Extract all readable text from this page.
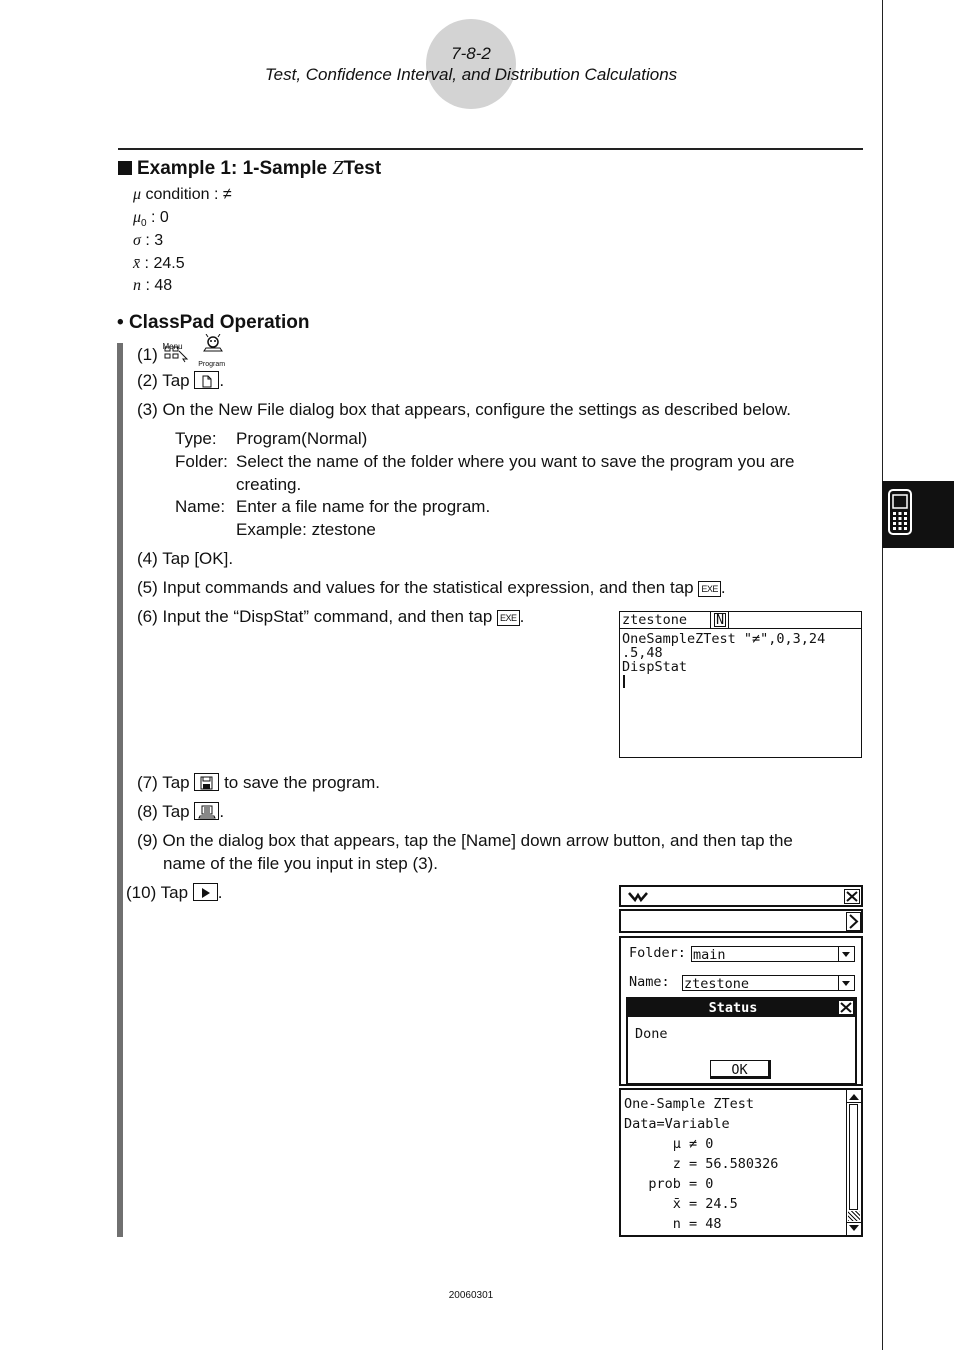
7-8-2
Test, Confidence Interval, and Distribution Calculations
Example 1: 1-Sample ZTest
μ condition : ≠
$\mu_0$ : 0
σ : 3
x̄ : 24.5
n : 48
• ClassPad Operation
(1) Menu

Program
(2) Tap .
(3) On the New File dialog box that appears, configure the settings as described below.
Type: Program(Normal)
Folder: Select the name of the folder where you want to save the program you are
creating.
Name: Enter a file name for the program.
Example: ztestone
(4) Tap [OK].
(5) Input commands and values for the statistical expression, and then tap EXE .
(6) Input the “DispStat” command, and then tap EXE .	ztestone N
OneSampleZTest "≠",0,3,24
.5,48
DispStat
(7) Tap  to save the program.
(8) Tap .
(9) On the dialog box that appears, tap the [Name] down arrow button, and then tap the
name of the file you input in step (3).
(10) Tap .
Folder: main
Name: ztestone
Status
Done
OK
One-Sample ZTest
Data=Variable
μ ≠ 0
z = 56.580326
prob = 0
x̄ = 24.5
n = 48
20060301
